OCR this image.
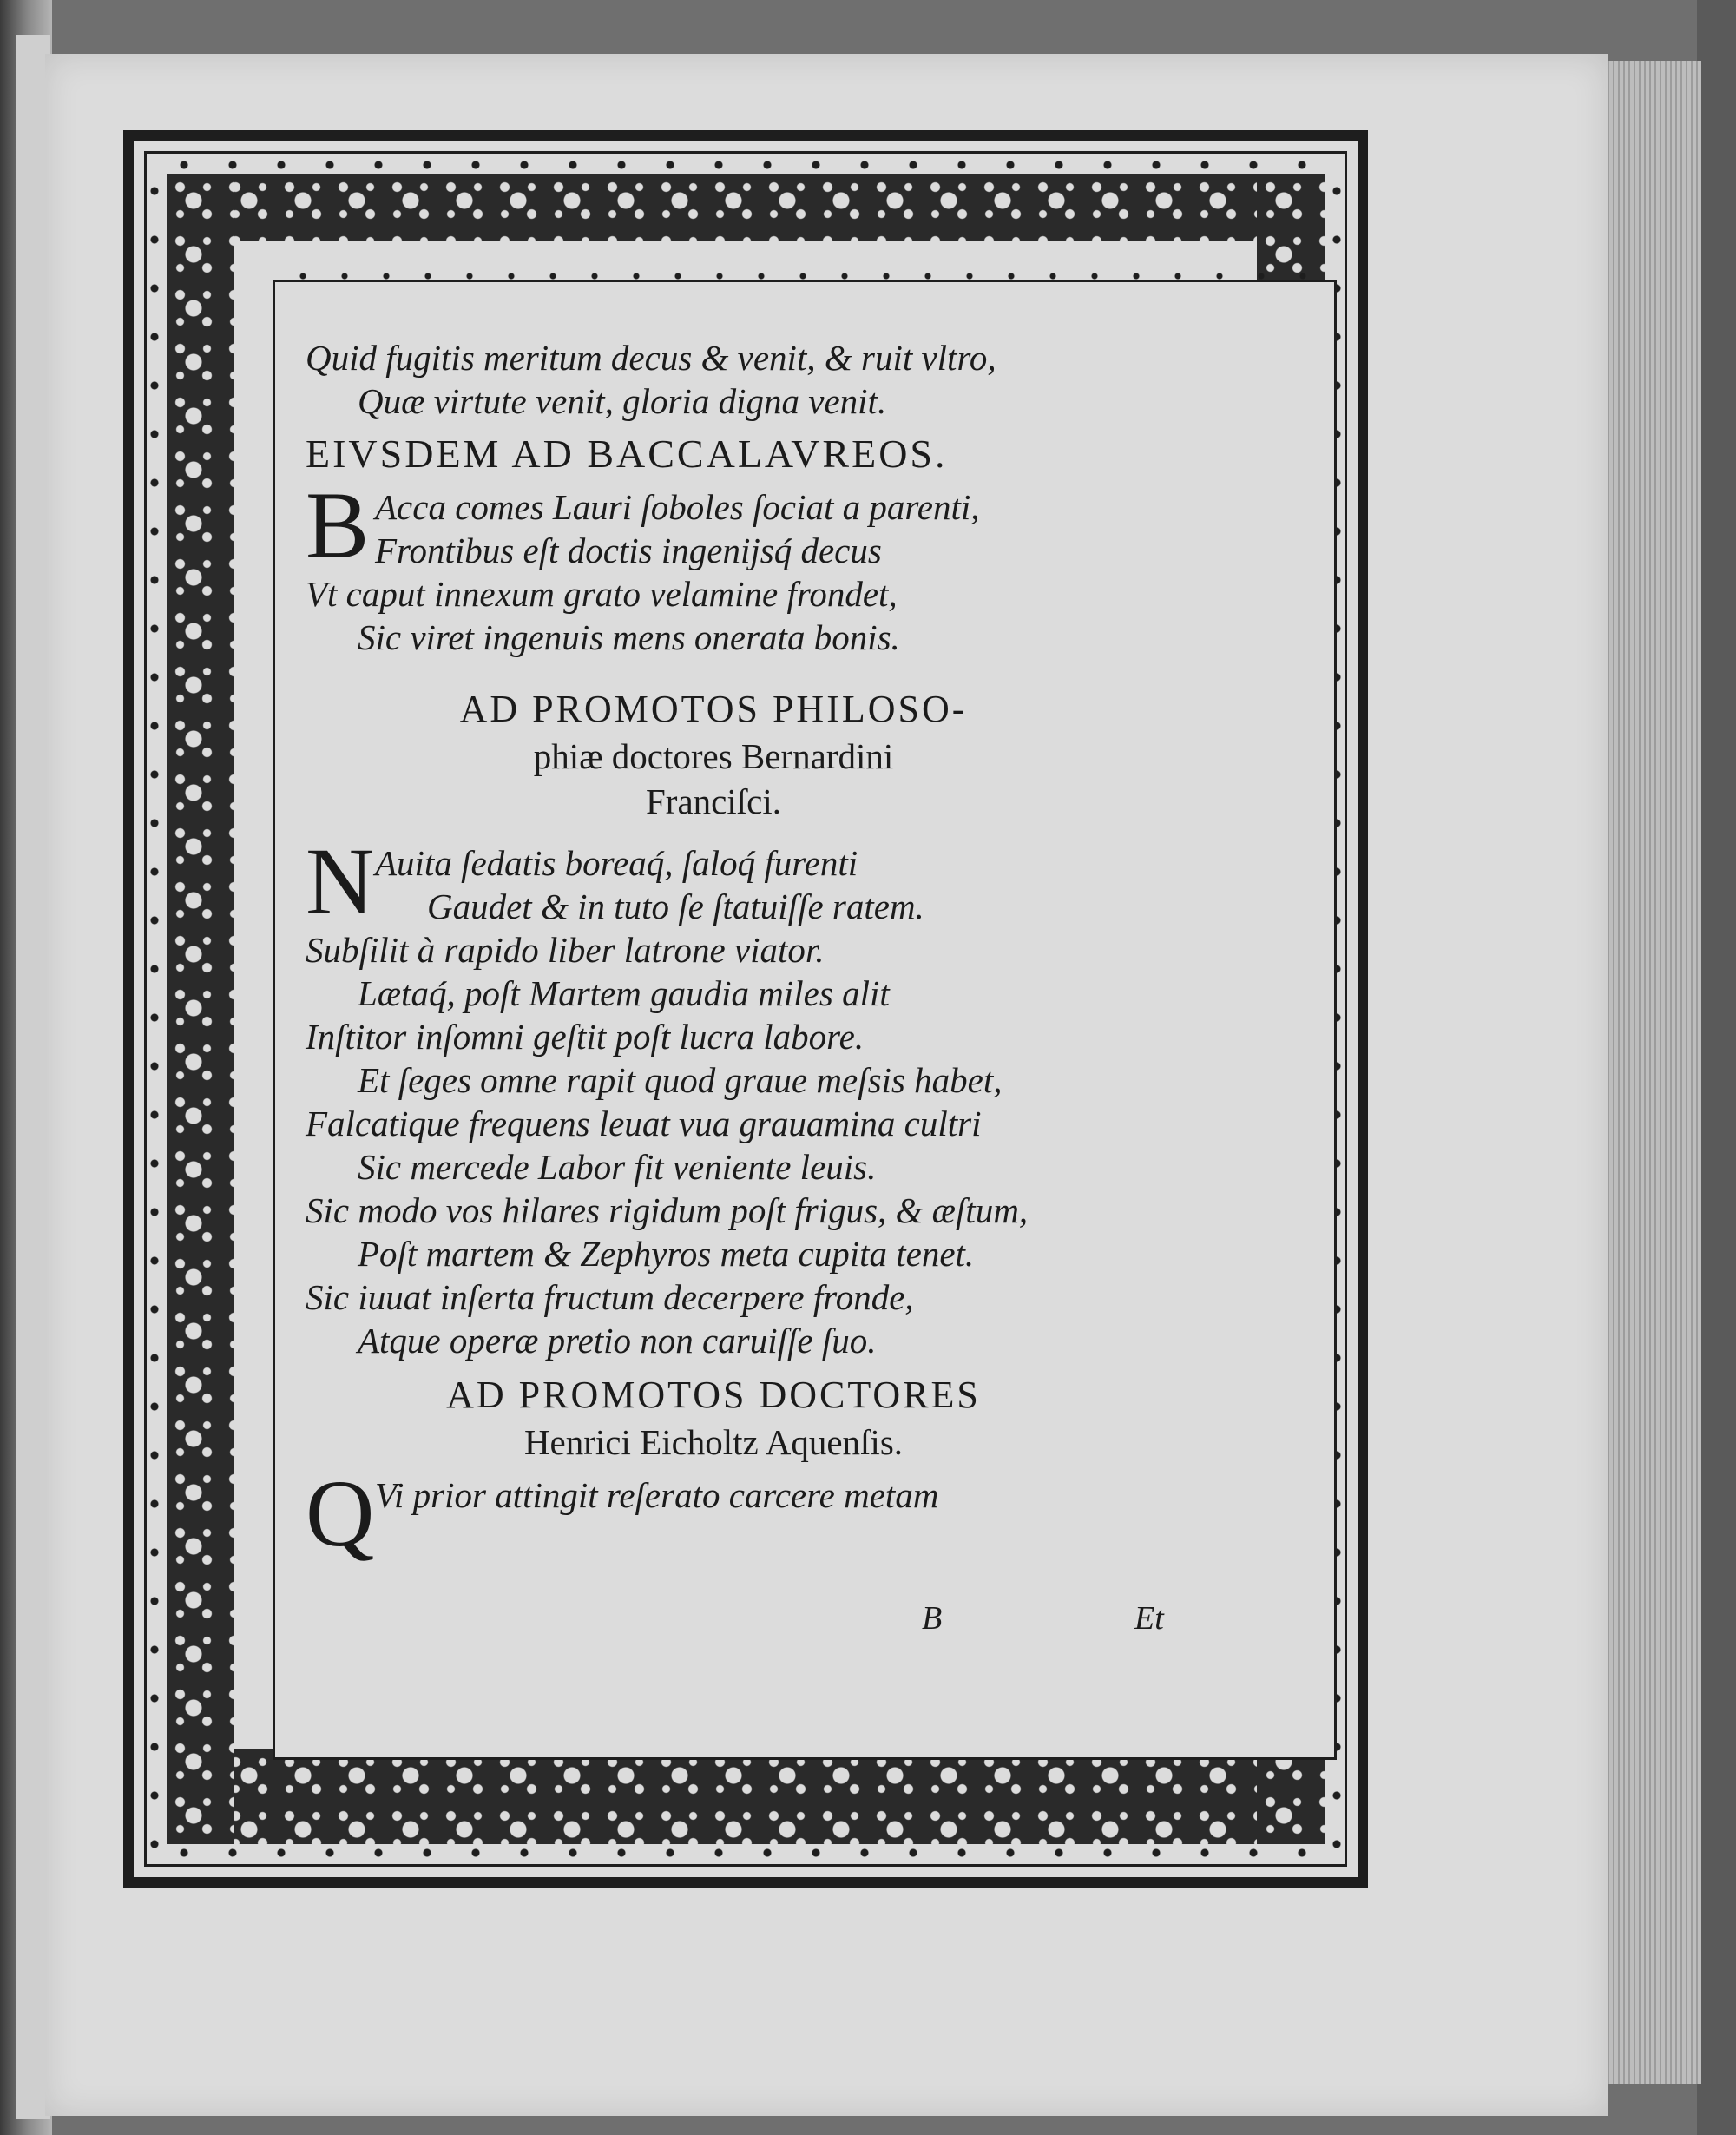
Quid fugitis meritum decus & venit, & ruit vltro,
Quæ virtute venit, gloria digna venit.
EIVSDEM AD BACCALAVREOS.
B Acca comes Lauri ſoboles ſociat a parenti,
Frontibus eſt doctis ingenijsq́ decus
Vt caput innexum grato velamine frondet,
Sic viret ingenuis mens onerata bonis.
AD PROMOTOS PHILOSO-
phiæ doctores Bernardini
Franciſci.
N Auita ſedatis boreaq́, ſaloq́ furenti
Gaudet & in tuto ſe ſtatuiſſe ratem.
Subſilit à rapido liber latrone viator.
Lætaq́, poſt Martem gaudia miles alit
Inſtitor inſomni geſtit poſt lucra labore.
Et ſeges omne rapit quod graue meſsis habet,
Falcatique frequens leuat vua grauamina cultri
Sic mercede Labor fit veniente leuis.
Sic modo vos hilares rigidum poſt frigus, & æſtum,
Poſt martem & Zephyros meta cupita tenet.
Sic iuuat inſerta fructum decerpere fronde,
Atque operæ pretio non caruiſſe ſuo.
AD PROMOTOS DOCTORES
Henrici Eicholtz Aquenſis.
Q Vi prior attingit reſerato carcere metam
B	Et
